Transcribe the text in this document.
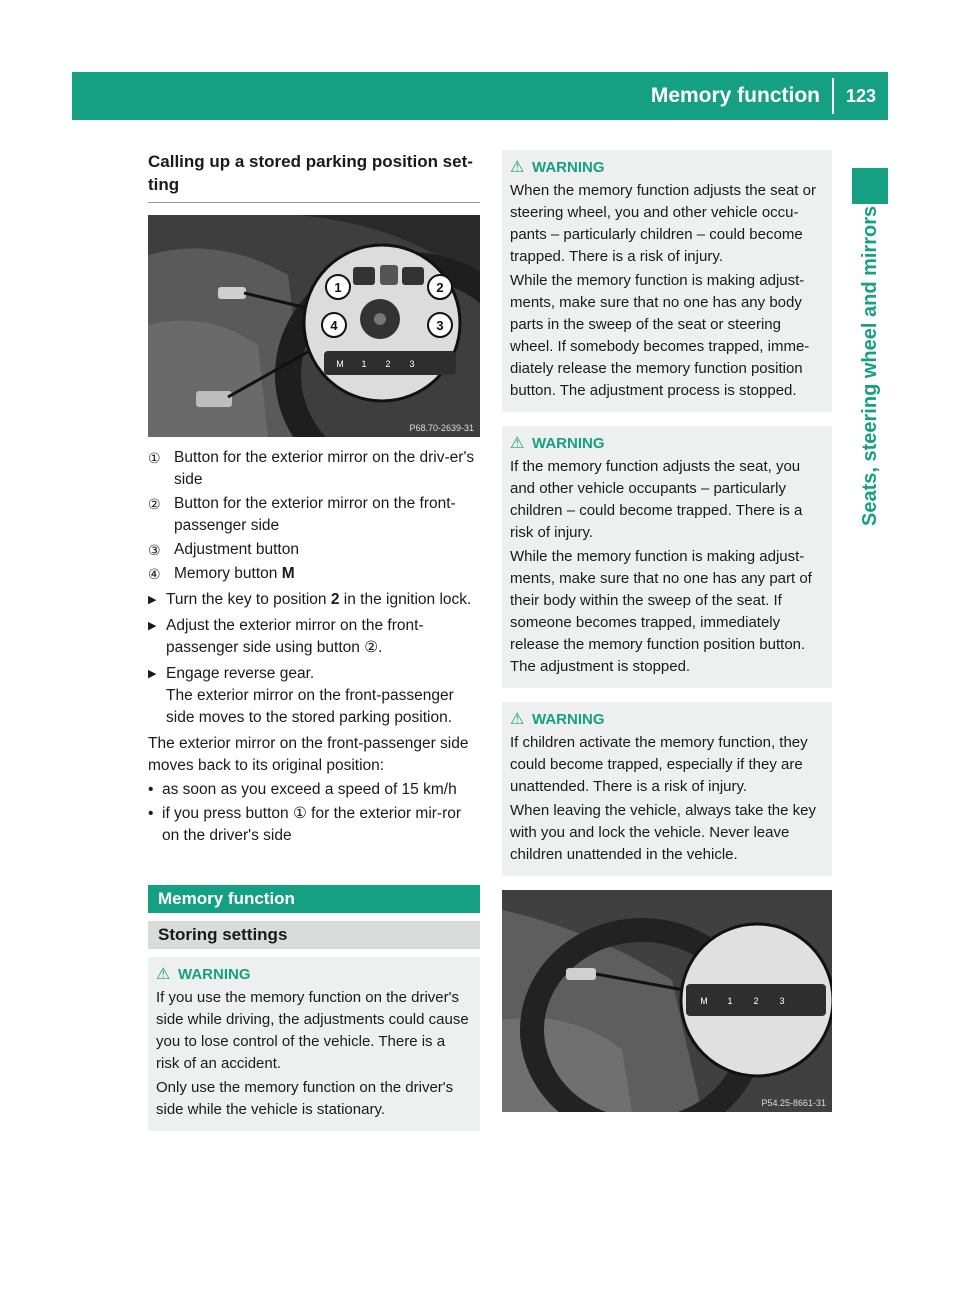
Memory function	123
Seats, steering wheel and mirrors
Calling up a stored parking position set-ting
1	2
3
4
M 1 2 3
P68.70-2639-31
① Button for the exterior mirror on the driv-er's side
② Button for the exterior mirror on the front-passenger side
③ Adjustment button
④ Memory button M
▶ Turn the key to position 2 in the ignition lock.
▶ Adjust the exterior mirror on the front-passenger side using button ②.
▶ Engage reverse gear.
The exterior mirror on the front-passenger side moves to the stored parking position.
The exterior mirror on the front-passenger side moves back to its original position:
• as soon as you exceed a speed of 15 km/h
• if you press button ① for the exterior mir-ror on the driver's side
Memory function
Storing settings
⚠ WARNING
If you use the memory function on the driver's side while driving, the adjustments could cause you to lose control of the vehicle. There is a risk of an accident.
Only use the memory function on the driver's side while the vehicle is stationary.
⚠ WARNING
When the memory function adjusts the seat or steering wheel, you and other vehicle occu-pants – particularly children – could become trapped. There is a risk of injury.
While the memory function is making adjust-ments, make sure that no one has any body parts in the sweep of the seat or steering wheel. If somebody becomes trapped, imme-diately release the memory function position button. The adjustment process is stopped.
⚠ WARNING
If the memory function adjusts the seat, you and other vehicle occupants – particularly children – could become trapped. There is a risk of injury.
While the memory function is making adjust-ments, make sure that no one has any part of their body within the sweep of the seat. If someone becomes trapped, immediately release the memory function position button. The adjustment is stopped.
⚠ WARNING
If children activate the memory function, they could become trapped, especially if they are unattended. There is a risk of injury.
When leaving the vehicle, always take the key with you and lock the vehicle. Never leave children unattended in the vehicle.
M 1 2 3
P54.25-8661-31
